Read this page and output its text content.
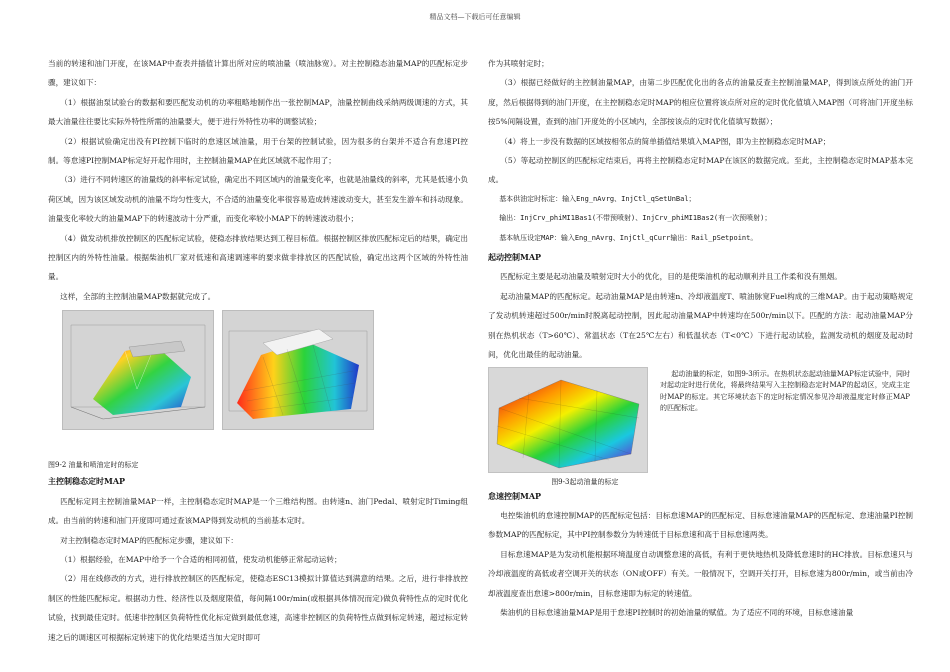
精品文档—下载后可任意编辑

当前的转速和油门开度，在该MAP中查表并插值计算出所对应的喷油量（喷油脉宽）。对主控制稳态油量MAP的匹配标定步骤，建议如下：

（1）根据油泵试验台的数据和要匹配发动机的功率粗略地制作出一张控制MAP，油量控制曲线采纳两级调速的方式，其最大油量往往要比实际外特性所需的油量要大，便于进行外特性功率的调整试验；

（2）根据试验确定出没有PI控制下临时的怠速区域油量，用于台架的控制试验，因为很多的台架并不适合有怠速PI控制。等怠速PI控制MAP标定好开起作用时，主控制油量MAP在此区域就不起作用了；

（3）进行不同转速区的油量线的斜率标定试验，确定出不同区域内的油量变化率，也就是油量线的斜率，尤其是低速小负荷区域，因为该区域发动机的油量不均匀性变大，不合适的油量变化率很容易造成转速波动变大，甚至发生游车和抖动现象。油量变化率较大的油量MAP下的转速波动十分严重，而变化率较小MAP下的转速波动很小；

（4）做发动机排放控制区的匹配标定试验，使稳态排放结果达到工程目标值。根据控制区排放匹配标定后的结果，确定出控制区内的外特性油量。根据柴油机厂家对低速和高速调速率的要求做非排放区的匹配试验，确定出这两个区域的外特性油量。

这样，全部的主控制油量MAP数据就完成了。

图9-2 油量和喷油定时的标定

主控制稳态定时MAP

匹配标定同主控制油量MAP一样，主控制稳态定时MAP是一个三维结构图。由转速n、油门Pedal、喷射定时Timing组成。由当前的转速和油门开度即可通过查该MAP得到发动机的当前基本定时。

对主控制稳态定时MAP的匹配标定步骤，建议如下：

（1）根据经验，在MAP中给予一个合适的相同初值，使发动机能够正常起动运转；

（2）用在线修改的方式，进行排放控制区的匹配标定，使稳态ESC13模拟计算值达到满意的结果。之后，进行非排放控制区的性能匹配标定。根据动力性、经济性以及烟度限值，每间隔100r/min(或根据具体情况而定)做负荷特性点的定时优化试验，找到最佳定时。低速非控制区负荷特性优化标定做到最低怠速，高速非控制区的负荷特性点做到标定转速，超过标定转速之后的调速区可根据标定转速下的优化结果适当加大定时即可

作为其喷射定时；

（3）根据已经做好的主控制油量MAP，由第二步匹配优化出的各点的油量反查主控制油量MAP，得到该点所处的油门开度，然后根据得到的油门开度，在主控制稳态定时MAP的相应位置将该点所对应的定时优化值填入MAP图（可将油门开度坐标按5%间隔设置，查到的油门开度处的小区域内，全部按该点的定时优化值填写数据）；

（4）将上一步没有数据的区域按相邻点的简单插值结果填入MAP图，即为主控制稳态定时MAP；

（5）等起动控制区的匹配标定结束后，再将主控制稳态定时MAP在该区的数据完成。至此，主控制稳态定时MAP基本完成。

基本供油定时标定：输入Eng_nAvrg、InjCtl_qSetUnBal；

输出：InjCrv_phiMI1Bas1(不带预喷射)、InjCrv_phiMI1Bas2(有一次预喷射)；

基本轨压设定MAP：输入Eng_nAvrg、InjCtl_qCurr输出：Rail_pSetpoint。

起动控制MAP

匹配标定主要是起动油量及喷射定时大小的优化，目的是使柴油机的起动顺利并且工作柔和没有黑烟。

起动油量MAP的匹配标定。起动油量MAP是由转速n、冷却液温度T、喷油脉宽Fuel构成的三维MAP。由于起动策略规定了发动机转速超过500r/min时脱离起动控制，因此起动油量MAP中转速均在500r/min以下。匹配的方法：起动油量MAP分别在热机状态（T>60℃）、常温状态（T在25℃左右）和低温状态（T<0℃）下进行起动试验，监测发动机的烟度及起动时间，优化出最佳的起动油量。

起动油量的标定，如图9-3所示。在热机状态起动油量MAP标定试验中，同时对起动定时进行优化，将最终结果写入主控制稳态定时MAP的起动区，完成主定时MAP的标定。其它环境状态下的定时标定情况参见冷却液温度定时修正MAP的匹配标定。

图9-3起动油量的标定

怠速控制MAP

电控柴油机的怠速控制MAP的匹配标定包括：目标怠速MAP的匹配标定、目标怠速油量MAP的匹配标定、怠速油量PI控制参数MAP的匹配标定，其中PI控制参数分为转速低于目标怠速和高于目标怠速两类。

目标怠速MAP是为发动机能根据环境温度自动调整怠速的高低，有利于更快地热机及降低怠速时的HC排放。目标怠速只与冷却液温度的高低或者空调开关的状态（ON或OFF）有关。一般情况下，空调开关打开，目标怠速为800r/min，或当前由冷却液温度查出怠速>800r/min，目标怠速即为标定的转速值。

柴油机的目标怠速油量MAP是用于怠速PI控制时的初始油量的赋值。为了适应不同的环境，目标怠速油量
